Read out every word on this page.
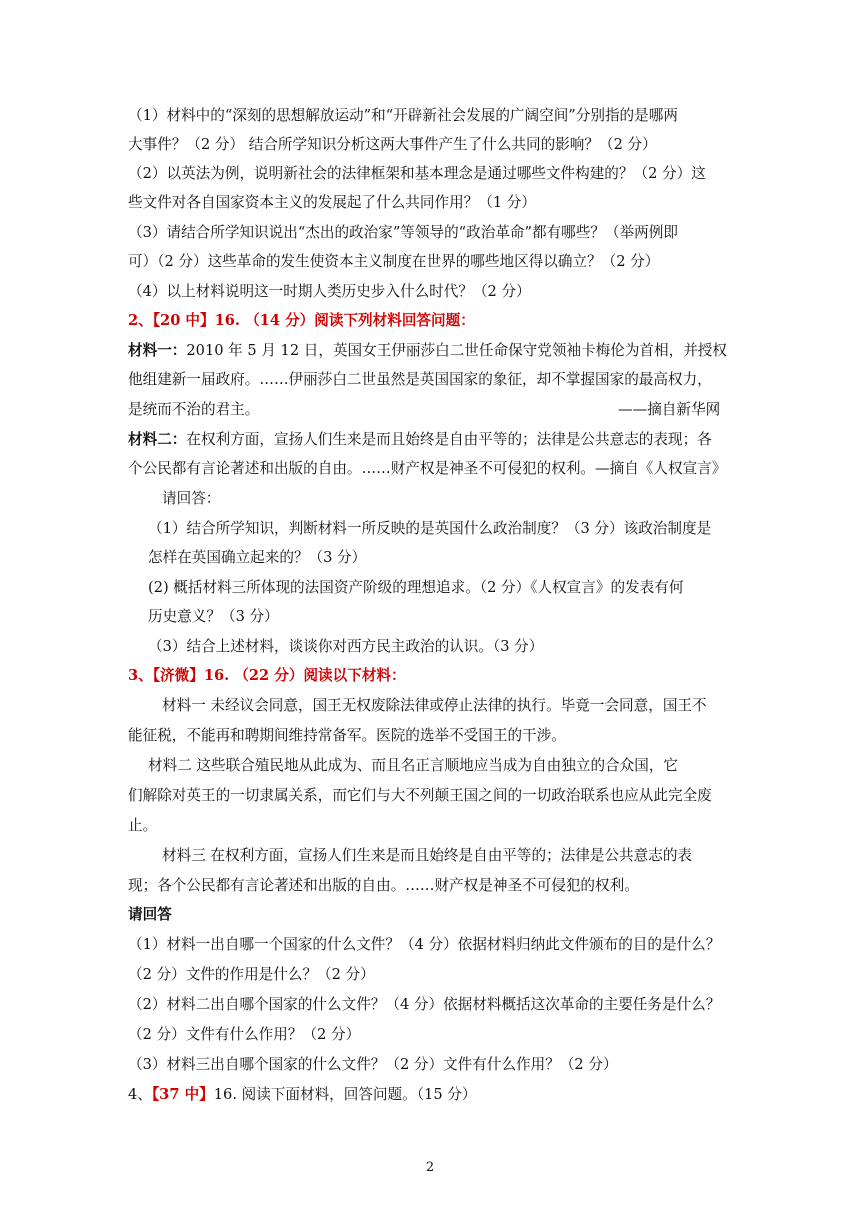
（1）材料中的“深刻的思想解放运动”和“开辟新社会发展的广阔空间”分别指的是哪两
大事件？（2 分） 结合所学知识分析这两大事件产生了什么共同的影响？（2 分）
（2）以英法为例，说明新社会的法律框架和基本理念是通过哪些文件构建的？（2 分）这
些文件对各自国家资本主义的发展起了什么共同作用？（1 分）
（3）请结合所学知识说出“杰出的政治家”等领导的“政治革命”都有哪些？（举两例即
可）（2 分）这些革命的发生使资本主义制度在世界的哪些地区得以确立？（2 分）
（4）以上材料说明这一时期人类历史步入什么时代？（2 分）
2、【20 中】16. （14 分）阅读下列材料回答问题：
材料一：2010 年 5 月 12 日，英国女王伊丽莎白二世任命保守党领袖卡梅伦为首相，并授权
他组建新一届政府。……伊丽莎白二世虽然是英国国家的象征，却不掌握国家的最高权力，
是统而不治的君主。	——摘自新华网
材料二：在权利方面，宣扬人们生来是而且始终是自由平等的；法律是公共意志的表现；各
个公民都有言论著述和出版的自由。……财产权是神圣不可侵犯的权利。—摘自《人权宣言》
请回答：
（1）结合所学知识，判断材料一所反映的是英国什么政治制度？（3 分）该政治制度是
怎样在英国确立起来的？（3 分）
(2) 概括材料三所体现的法国资产阶级的理想追求。（2 分）《人权宣言》的发表有何
历史意义？（3 分）
（3）结合上述材料，谈谈你对西方民主政治的认识。（3 分）
3、【济微】16. （22 分）阅读以下材料：
材料一 未经议会同意，国王无权废除法律或停止法律的执行。毕竟一会同意，国王不
能征税，不能再和聘期间维持常备军。医院的选举不受国王的干涉。
材料二 这些联合殖民地从此成为、而且名正言顺地应当成为自由独立的合众国，它
们解除对英王的一切隶属关系，而它们与大不列颠王国之间的一切政治联系也应从此完全废
止。
材料三 在权利方面，宣扬人们生来是而且始终是自由平等的；法律是公共意志的表
现；各个公民都有言论著述和出版的自由。……财产权是神圣不可侵犯的权利。
请回答
（1）材料一出自哪一个国家的什么文件？（4 分）依据材料归纳此文件颁布的目的是什么？
（2 分）文件的作用是什么？（2 分）
（2）材料二出自哪个国家的什么文件？（4 分）依据材料概括这次革命的主要任务是什么？
（2 分）文件有什么作用？（2 分）
（3）材料三出自哪个国家的什么文件？（2 分）文件有什么作用？（2 分）
4、【37 中】16. 阅读下面材料，回答问题。（15 分）
2
